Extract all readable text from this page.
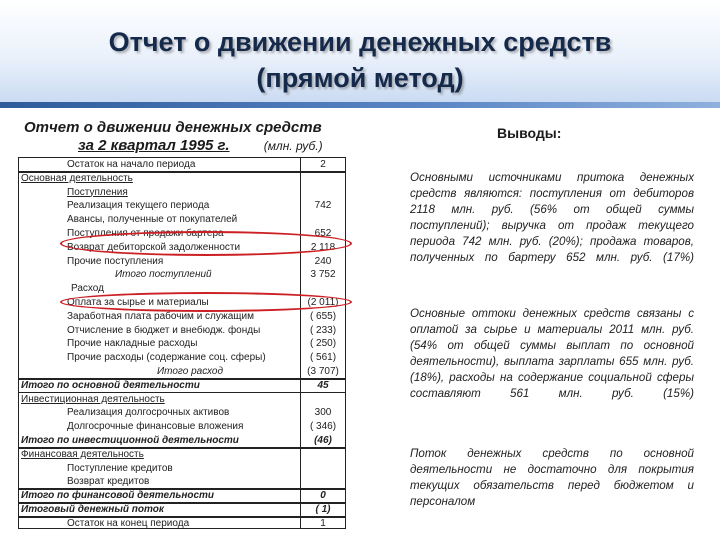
Отчет о движении денежных средств
(прямой метод)
Отчет о движении денежных средств
за 2 квартал 1995 г.	(млн. руб.)
Остаток на начало периода	2
Основная деятельность
Поступления
Реализация текущего периода	742
Авансы, полученные от покупателей
Поступления от продажи бартера	652
Возврат дебиторской задолженности	2 118
Прочие поступления	240
Итого поступлений	3 752
Расход
Оплата за сырье и материалы	(2 011)
Заработная плата рабочим и служащим	( 655)
Отчисление в бюджет и внебюдж. фонды	( 233)
Прочие накладные расходы	( 250)
Прочие расходы (содержание соц. сферы)	( 561)
Итого расход	(3 707)
Итого по основной деятельности	45
Инвестиционная деятельность
Реализация долгосрочных активов	300
Долгосрочные финансовые вложения	( 346)
Итого по инвестиционной деятельности	(46)
Финансовая деятельность
Поступление кредитов
Возврат кредитов
Итого по финансовой деятельности	0
Итоговый денежный поток	( 1)
Остаток на конец периода	1
Выводы:
Основными источниками притока денежных средств являются: поступления от дебиторов 2118 млн. руб. (56% от общей суммы поступлений); выручка от продаж текущего периода 742 млн. руб. (20%); продажа товаров, полученных по бартеру 652 млн. руб. (17%)
Основные оттоки денежных средств связаны с оплатой за сырье и материалы 2011 млн. руб. (54% от общей суммы выплат по основной деятельности), выплата зарплаты 655 млн. руб. (18%), расходы на содержание социальной сферы составляют 561 млн. руб. (15%)
Поток денежных средств по основной деятельности не достаточно для покрытия текущих обязательств перед бюджетом и персоналом
